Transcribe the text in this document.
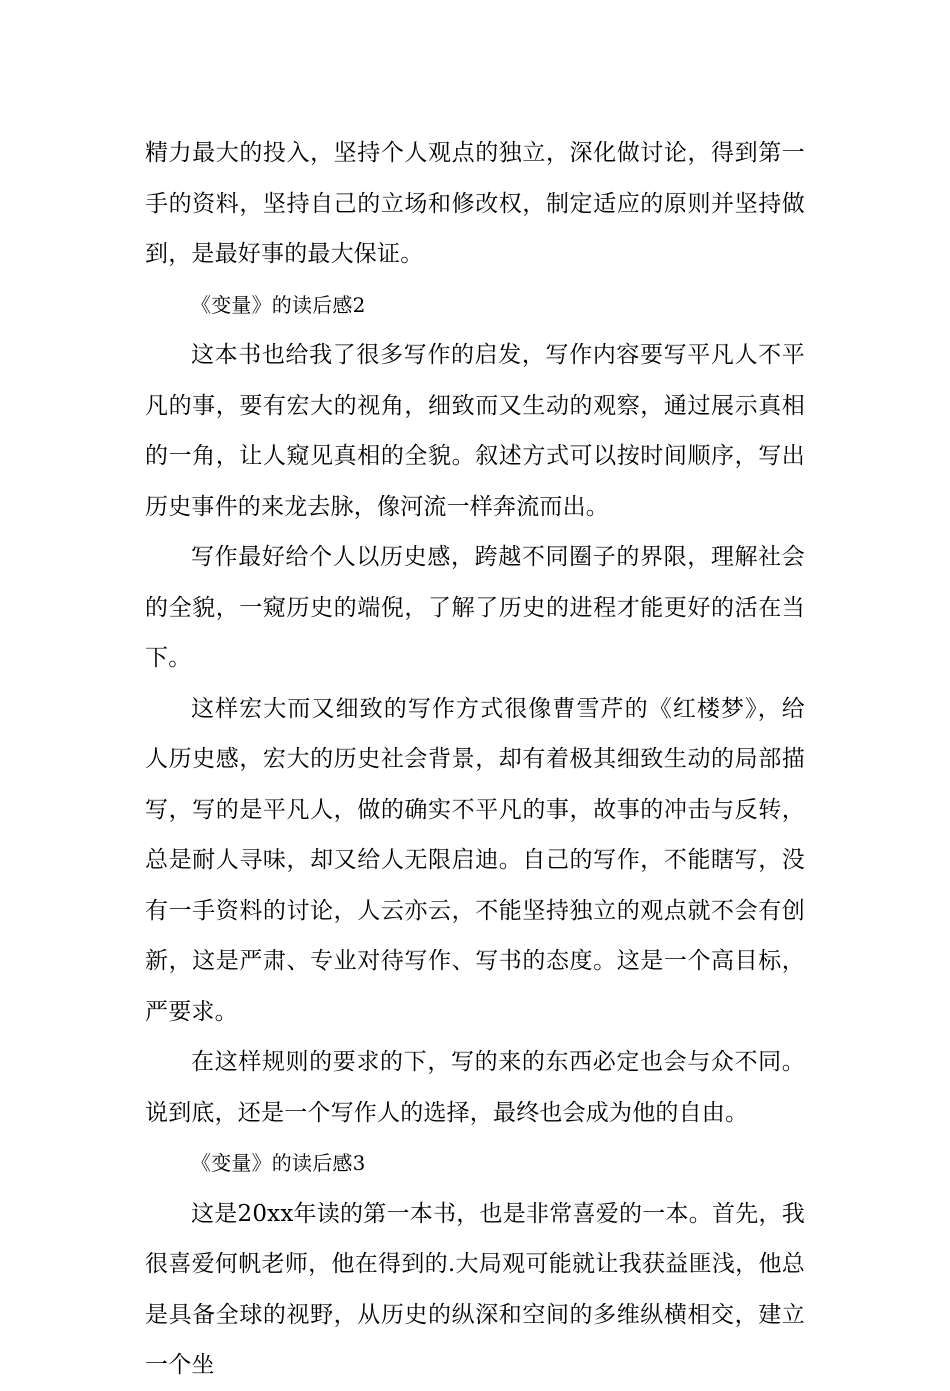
精力最大的投入，坚持个人观点的独立，深化做讨论，得到第一手的资料，坚持自己的立场和修改权，制定适应的原则并坚持做到，是最好事的最大保证。

《变量》的读后感2

这本书也给我了很多写作的启发，写作内容要写平凡人不平凡的事，要有宏大的视角，细致而又生动的观察，通过展示真相的一角，让人窥见真相的全貌。叙述方式可以按时间顺序，写出历史事件的来龙去脉，像河流一样奔流而出。

写作最好给个人以历史感，跨越不同圈子的界限，理解社会的全貌，一窥历史的端倪，了解了历史的进程才能更好的活在当下。

这样宏大而又细致的写作方式很像曹雪芹的《红楼梦》，给人历史感，宏大的历史社会背景，却有着极其细致生动的局部描写，写的是平凡人，做的确实不平凡的事，故事的冲击与反转，总是耐人寻味，却又给人无限启迪。自己的写作，不能瞎写，没有一手资料的讨论，人云亦云，不能坚持独立的观点就不会有创新，这是严肃、专业对待写作、写书的态度。这是一个高目标，严要求。

在这样规则的要求的下，写的来的东西必定也会与众不同。说到底，还是一个写作人的选择，最终也会成为他的自由。

《变量》的读后感3

这是20xx年读的第一本书，也是非常喜爱的一本。首先，我很喜爱何帆老师，他在得到的.大局观可能就让我获益匪浅，他总是具备全球的视野，从历史的纵深和空间的多维纵横相交，建立一个坐
